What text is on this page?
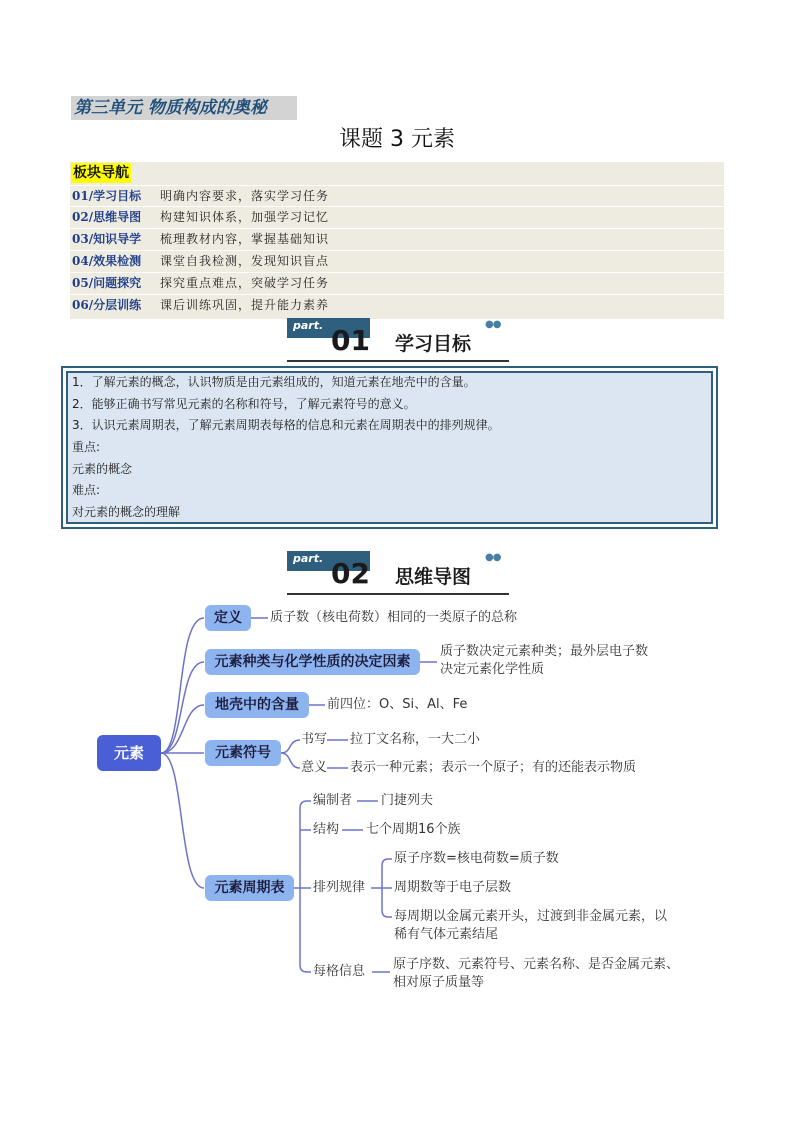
第三单元 物质构成的奥秘
课题 3 元素
板块导航
01/学习目标 明确内容要求，落实学习任务
02/思维导图 构建知识体系，加强学习记忆
03/知识导学 梳理教材内容，掌握基础知识
04/效果检测 课堂自我检测，发现知识盲点
05/问题探究 探究重点难点，突破学习任务
06/分层训练 课后训练巩固，提升能力素养
part. 01 学习目标
●●
1．了解元素的概念，认识物质是由元素组成的，知道元素在地壳中的含量。
2．能够正确书写常见元素的名称和符号，了解元素符号的意义。
3．认识元素周期表，了解元素周期表每格的信息和元素在周期表中的排列规律。
重点:
元素的概念
难点:
对元素的概念的理解
part. 02 思维导图
●●
元素
定义	质子数（核电荷数）相同的一类原子的总称
元素种类与化学性质的决定因素
质子数决定元素种类；最外层电子数
决定元素化学性质
地壳中的含量	前四位：O、Si、Al、Fe
元素符号
书写 拉丁文名称，一大二小
意义 表示一种元素；表示一个原子；有的还能表示物质
元素周期表
编制者 门捷列夫
结构 七个周期16个族
排列规律
原子序数=核电荷数=质子数
周期数等于电子层数
每周期以金属元素开头，过渡到非金属元素，以
稀有气体元素结尾
每格信息 原子序数、元素符号、元素名称、是否金属元素、
相对原子质量等
